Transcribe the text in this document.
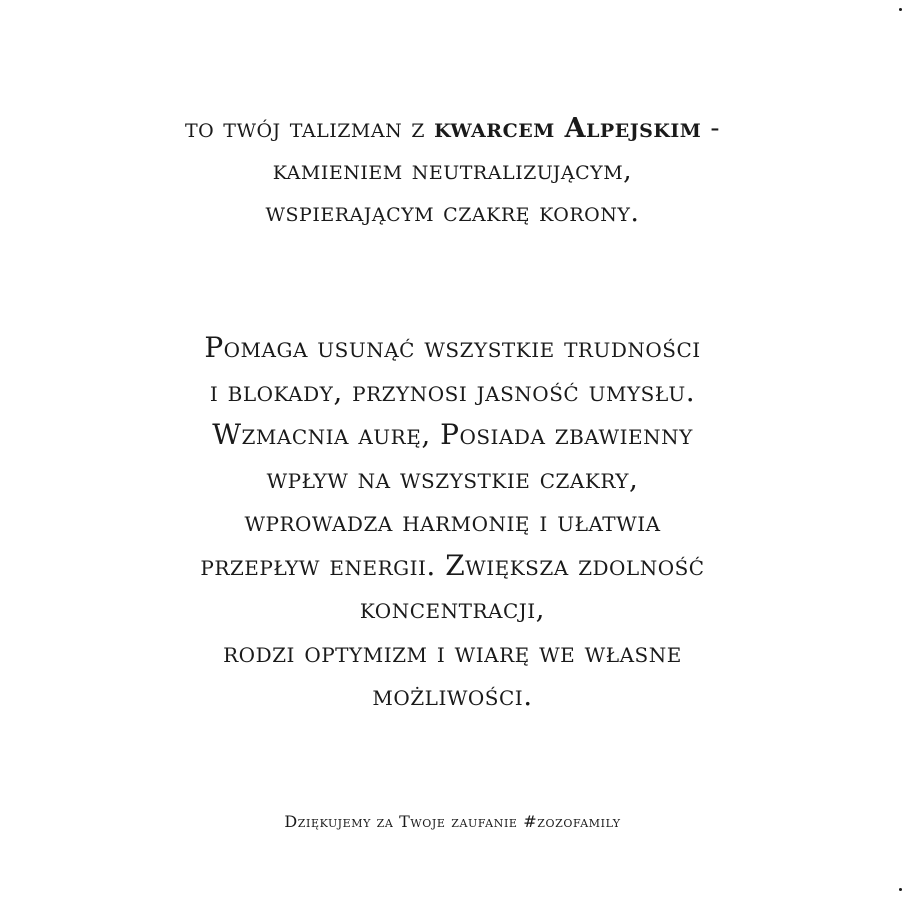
to twój talizman z kwarcem Alpejskim -
kamieniem neutralizującym,
wspierającym czakrę korony.
Pomaga usunąć wszystkie trudności
i blokady, przynosi jasność umysłu.
Wzmacnia aurę, Posiada zbawienny
wpływ na wszystkie czakry,
wprowadza harmonię i ułatwia
przepływ energii. Zwiększa zdolność
koncentracji,
rodzi optymizm i wiarę we własne
możliwości.
Dziękujemy za Twoje zaufanie #zozofamily
